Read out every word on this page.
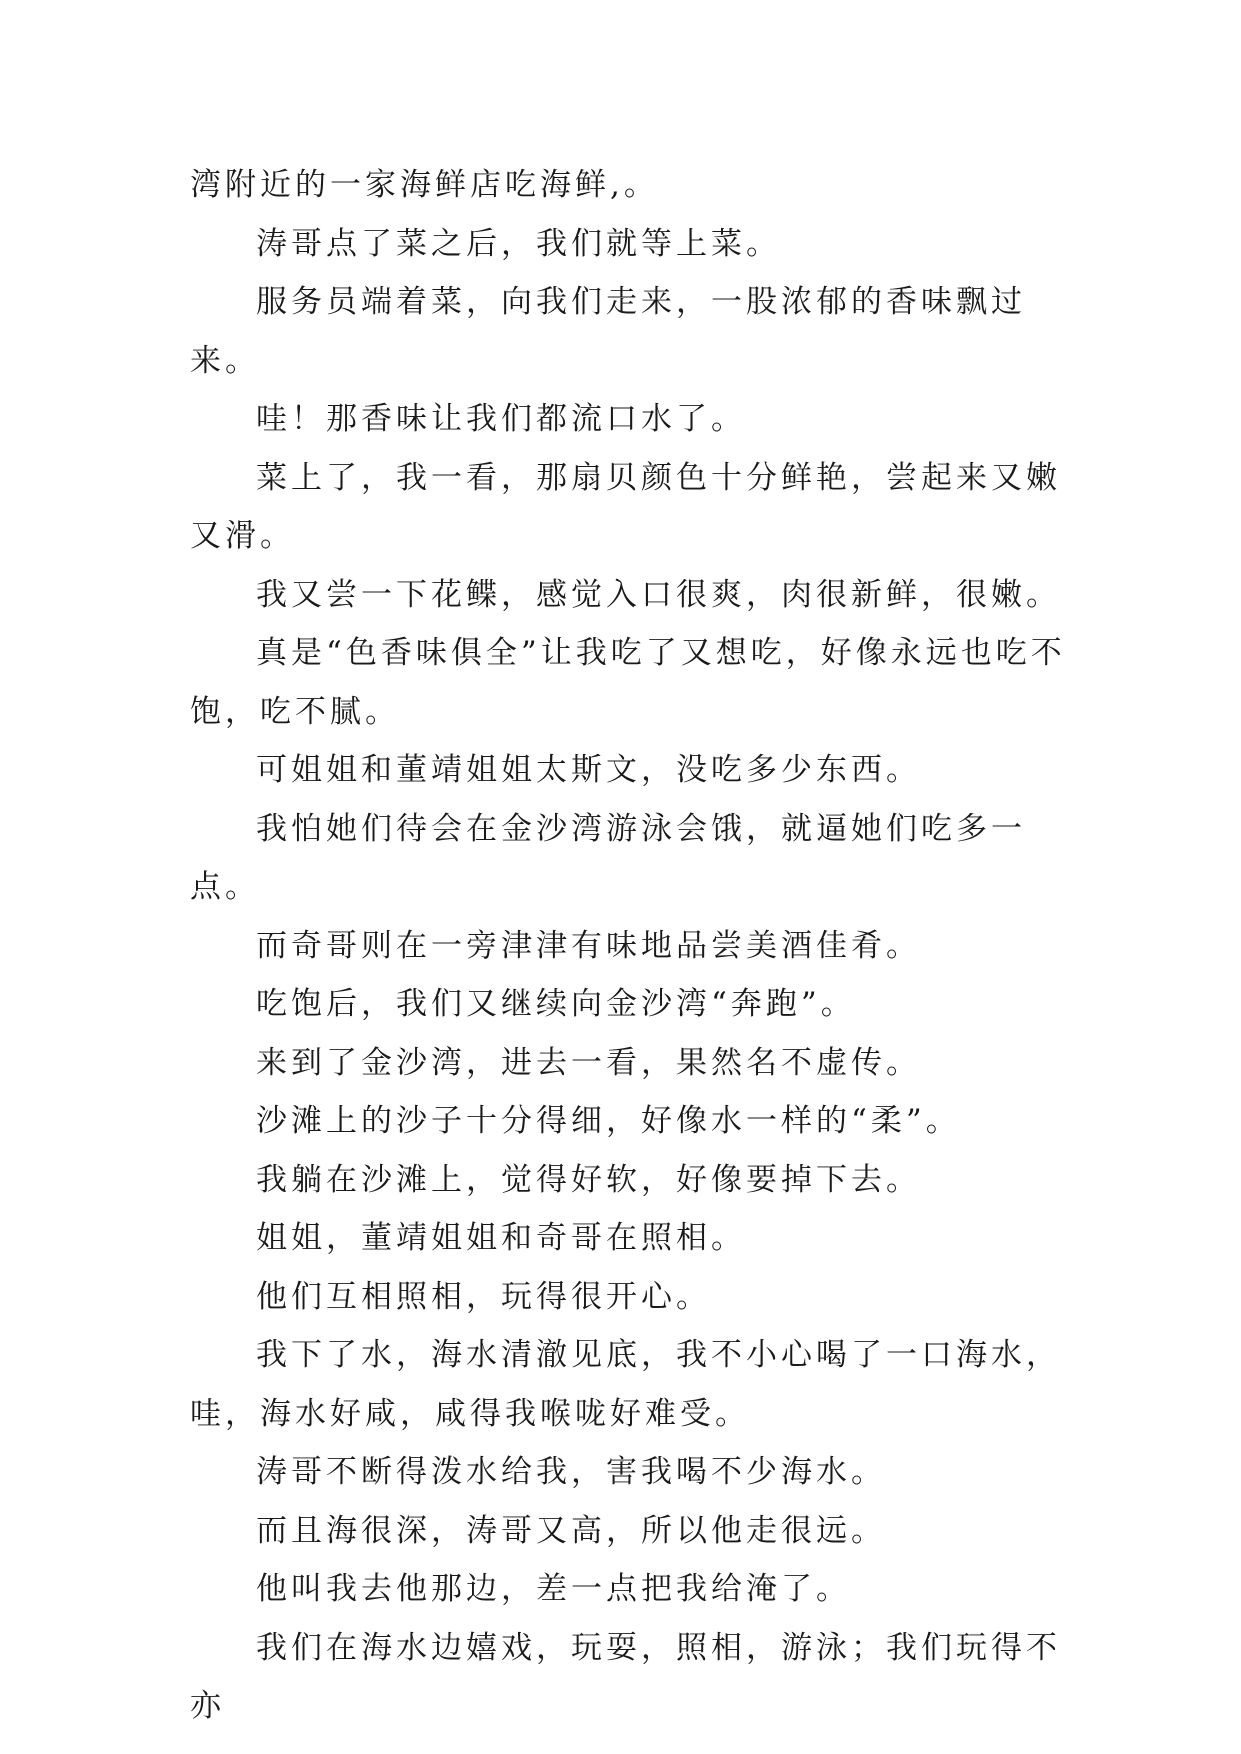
湾附近的一家海鲜店吃海鲜,。

涛哥点了菜之后，我们就等上菜。

服务员端着菜，向我们走来，一股浓郁的香味飘过来。

哇！那香味让我们都流口水了。

菜上了，我一看，那扇贝颜色十分鲜艳，尝起来又嫩又滑。

我又尝一下花鲽，感觉入口很爽，肉很新鲜，很嫩。

真是“色香味俱全”让我吃了又想吃，好像永远也吃不饱，吃不腻。

可姐姐和董靖姐姐太斯文，没吃多少东西。

我怕她们待会在金沙湾游泳会饿，就逼她们吃多一点。

而奇哥则在一旁津津有味地品尝美酒佳肴。

吃饱后，我们又继续向金沙湾“奔跑”。

来到了金沙湾，进去一看，果然名不虚传。

沙滩上的沙子十分得细，好像水一样的“柔”。

我躺在沙滩上，觉得好软，好像要掉下去。

姐姐，董靖姐姐和奇哥在照相。

他们互相照相，玩得很开心。

我下了水，海水清澈见底，我不小心喝了一口海水，哇，海水好咸，咸得我喉咙好难受。

涛哥不断得泼水给我，害我喝不少海水。

而且海很深，涛哥又高，所以他走很远。

他叫我去他那边，差一点把我给淹了。

我们在海水边嬉戏，玩耍，照相，游泳；我们玩得不亦
